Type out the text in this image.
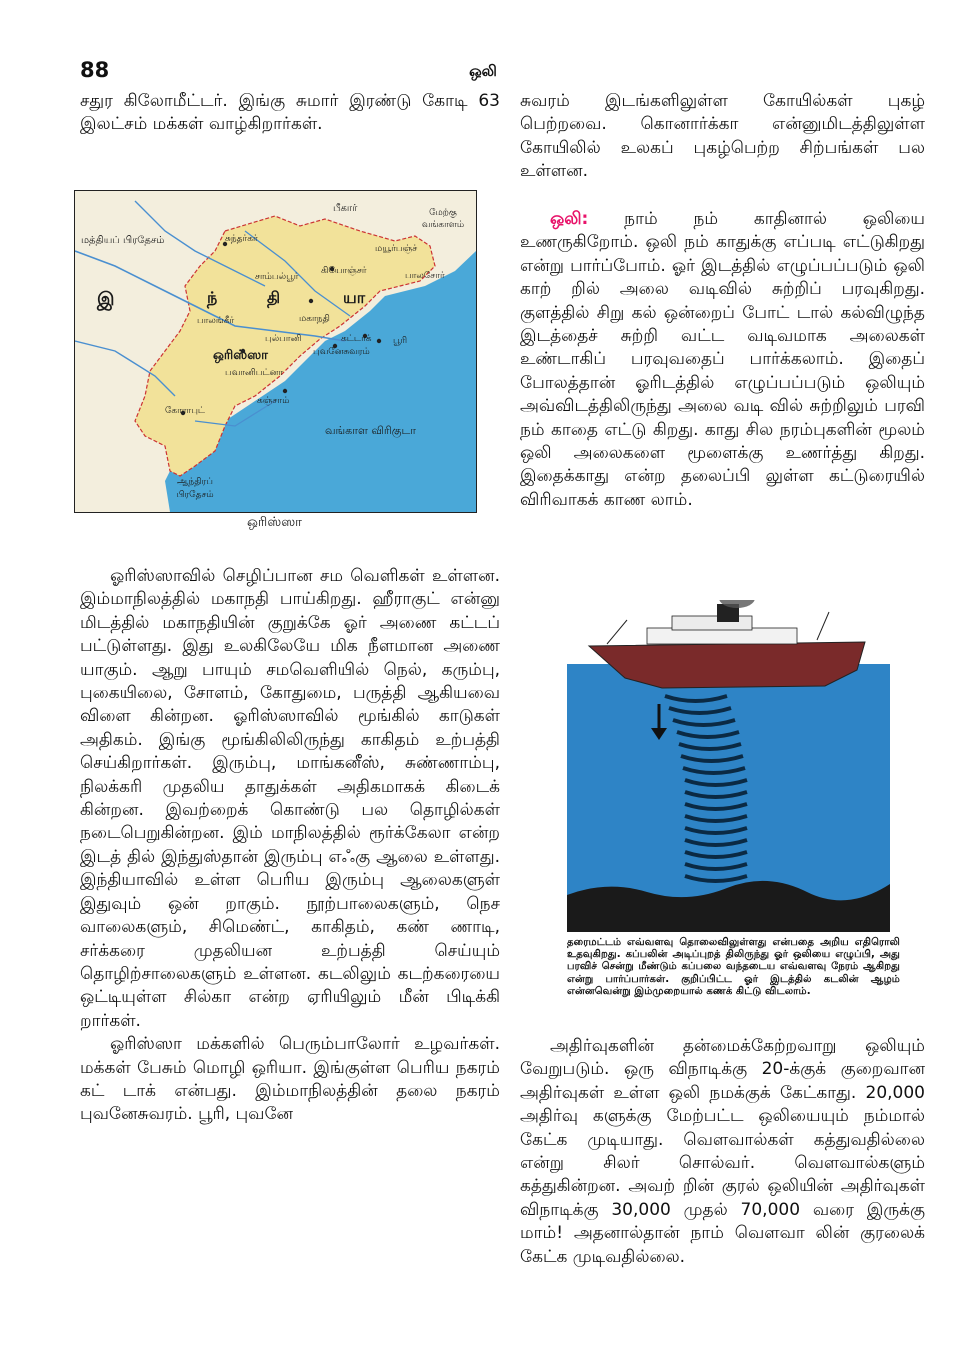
88	ஒலி

சதுர கிலோமீட்டர். இங்கு சுமார் இரண்டு கோடி 63 இலட்சம் மக்கள் வாழ்கிறார்கள்.

பீகார்	மேற்கு
வங்காளம்
மத்தியப் பிரதேசம்	சுந்தர்கர்
மயூர்பஞ்ச்
சாம்பல்பூர்
கியோஞ்சர்	பாலசோர்
இ	ந்	தி	யா
பாலங்கீர்	மகாநதி
கட்டாக் பூரி
புல்பானி
புவனேசுவரம்
ஒரிஸ்ஸா
பவானிபட்னா
கஞ்சாம்
கோராபுட்
வங்காள விரிகுடா
ஆந்திரப்
பிரதேசம்
ஒரிஸ்ஸா

ஓரிஸ்ஸாவில் செழிப்பான சம வெளிகள் உள்ளன. இம்மாநிலத்தில் மகாநதி பாய்கிறது. ஹீராகுட் என்னு மிடத்தில் மகாநதியின் குறுக்கே ஓர் அணை கட்டப் பட்டுள்ளது. இது உலகிலேயே மிக நீளமான அணை யாகும். ஆறு பாயும் சமவெளியில் நெல், கரும்பு, புகையிலை, சோளம், கோதுமை, பருத்தி ஆகியவை விளை கின்றன. ஓரிஸ்ஸாவில் மூங்கில் காடுகள் அதிகம். இங்கு மூங்கிலிலிருந்து காகிதம் உற்பத்தி செய்கிறார்கள். இரும்பு, மாங்கனீஸ், சுண்ணாம்பு, நிலக்கரி முதலிய தாதுக்கள் அதிகமாகக் கிடைக் கின்றன. இவற்றைக் கொண்டு பல தொழில்கள் நடைபெறுகின்றன. இம் மாநிலத்தில் ரூர்க்கேலா என்ற இடத் தில் இந்துஸ்தான் இரும்பு எஃகு ஆலை உள்ளது. இந்தியாவில் உள்ள பெரிய இரும்பு ஆலைகளுள் இதுவும் ஒன் றாகும். நூற்பாலைகளும், நெச வாலைகளும், சிமெண்ட், காகிதம், கண் ணாடி, சர்க்கரை முதலியன உற்பத்தி செய்யும் தொழிற்சாலைகளும் உள்ளன. கடலிலும் கடற்கரையை ஒட்டியுள்ள சில்கா என்ற ஏரியிலும் மீன் பிடிக்கி றார்கள்.

ஓரிஸ்ஸா மக்களில் பெரும்பாலோர் உழவர்கள். மக்கள் பேசும் மொழி ஒரியா. இங்குள்ள பெரிய நகரம் கட் டாக் என்பது. இம்மாநிலத்தின் தலை நகரம் புவனேசுவரம். பூரி, புவனே

சுவரம் இடங்களிலுள்ள கோயில்கள் புகழ் பெற்றவை. கொனார்க்கா என்னுமிடத்திலுள்ள கோயிலில் உலகப் புகழ்பெற்ற சிற்பங்கள் பல உள்ளன.

ஒலி: நாம் நம் காதினால் ஒலியை உணருகிறோம். ஒலி நம் காதுக்கு எப்படி எட்டுகிறது என்று பார்ப்போம். ஓர் இடத்தில் எழுப்பப்படும் ஒலி காற் றில் அலை வடிவில் சுற்றிப் பரவுகிறது. குளத்தில் சிறு கல் ஒன்றைப் போட் டால் கல்விழுந்த இடத்தைச் சுற்றி வட்ட வடிவமாக அலைகள் உண்டாகிப் பரவுவதைப் பார்க்கலாம். இதைப் போலத்தான் ஓரிடத்தில் எழுப்பப்படும் ஒலியும் அவ்விடத்திலிருந்து அலை வடி வில் சுற்றிலும் பரவி நம் காதை எட்டு கிறது. காது சில நரம்புகளின் மூலம் ஒலி அலைகளை மூளைக்கு உணர்த்து கிறது. இதைக்காது என்ற தலைப்பி லுள்ள கட்டுரையில் விரிவாகக் காண லாம்.

தரைமட்டம் எவ்வளவு தொலைவிலுள்ளது என்பதை அறிய எதிரொலி உதவுகிறது. கப்பலின் அடிப்புறத் திலிருந்து ஓர் ஒலியை எழுப்பி, அது பரவிச் சென்று மீண்டும் கப்பலை வந்தடைய எவ்வளவு நேரம் ஆகிறது என்று பார்ப்பார்கள். குறிப்பிட்ட ஓர் இடத்தில் கடலின் ஆழம் என்னவென்று இம்முறையால் கணக் கிட்டு விடலாம்.

அதிர்வுகளின் தன்மைக்கேற்றவாறு ஒலியும் வேறுபடும். ஒரு விநாடிக்கு 20-க்குக் குறைவான அதிர்வுகள் உள்ள ஒலி நமக்குக் கேட்காது. 20,000 அதிர்வு களுக்கு மேற்பட்ட ஒலியையும் நம்மால் கேட்க முடியாது. வெளவால்கள் கத்துவதில்லை என்று சிலர் சொல்வர். வெளவால்களும் கத்துகின்றன. அவற் றின் குரல் ஒலியின் அதிர்வுகள் விநாடிக்கு 30,000 முதல் 70,000 வரை இருக்கு மாம்! அதனால்தான் நாம் வெளவா லின் குரலைக் கேட்க முடிவதில்லை.
